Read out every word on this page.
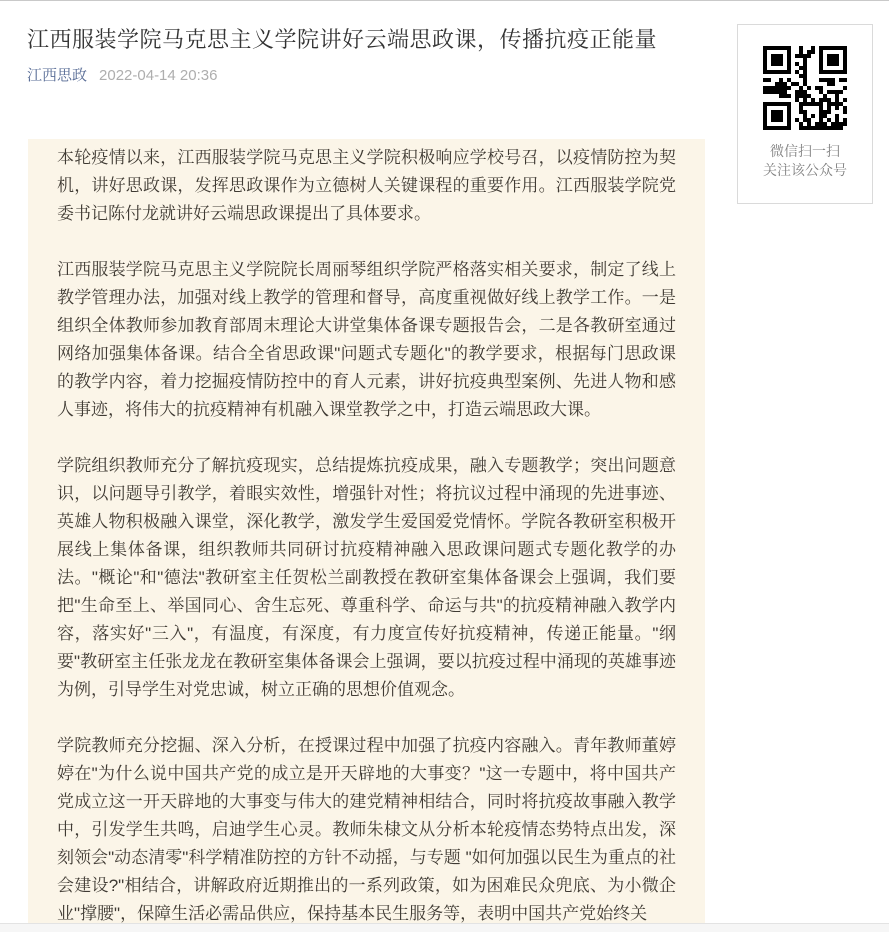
江西服装学院马克思主义学院讲好云端思政课，传播抗疫正能量
江西思政 2022-04-14 20:36
微信扫一扫
关注该公众号

本轮疫情以来，江西服装学院马克思主义学院积极响应学校号召，以疫情防控为契机，讲好思政课，发挥思政课作为立德树人关键课程的重要作用。江西服装学院党委书记陈付龙就讲好云端思政课提出了具体要求。

江西服装学院马克思主义学院院长周丽琴组织学院严格落实相关要求，制定了线上教学管理办法，加强对线上教学的管理和督导，高度重视做好线上教学工作。一是组织全体教师参加教育部周末理论大讲堂集体备课专题报告会，二是各教研室通过网络加强集体备课。结合全省思政课"问题式专题化"的教学要求，根据每门思政课的教学内容，着力挖掘疫情防控中的育人元素，讲好抗疫典型案例、先进人物和感人事迹，将伟大的抗疫精神有机融入课堂教学之中，打造云端思政大课。

学院组织教师充分了解抗疫现实，总结提炼抗疫成果，融入专题教学；突出问题意识，以问题导引教学，着眼实效性，增强针对性；将抗议过程中涌现的先进事迹、英雄人物积极融入课堂，深化教学，激发学生爱国爱党情怀。学院各教研室积极开展线上集体备课，组织教师共同研讨抗疫精神融入思政课问题式专题化教学的办法。"概论"和"德法"教研室主任贺松兰副教授在教研室集体备课会上强调，我们要把"生命至上、举国同心、舍生忘死、尊重科学、命运与共"的抗疫精神融入教学内容，落实好"三入"，有温度，有深度，有力度宣传好抗疫精神，传递正能量。"纲要"教研室主任张龙龙在教研室集体备课会上强调，要以抗疫过程中涌现的英雄事迹为例，引导学生对党忠诚，树立正确的思想价值观念。

学院教师充分挖掘、深入分析，在授课过程中加强了抗疫内容融入。青年教师董婷婷在"为什么说中国共产党的成立是开天辟地的大事变？"这一专题中，将中国共产党成立这一开天辟地的大事变与伟大的建党精神相结合，同时将抗疫故事融入教学中，引发学生共鸣，启迪学生心灵。教师朱棣文从分析本轮疫情态势特点出发，深刻领会"动态清零"科学精准防控的方针不动摇，与专题 "如何加强以民生为重点的社会建设?"相结合，讲解政府近期推出的一系列政策，如为困难民众兜底、为小微企业"撑腰"，保障生活必需品供应，保持基本民生服务等，表明中国共产党始终关
